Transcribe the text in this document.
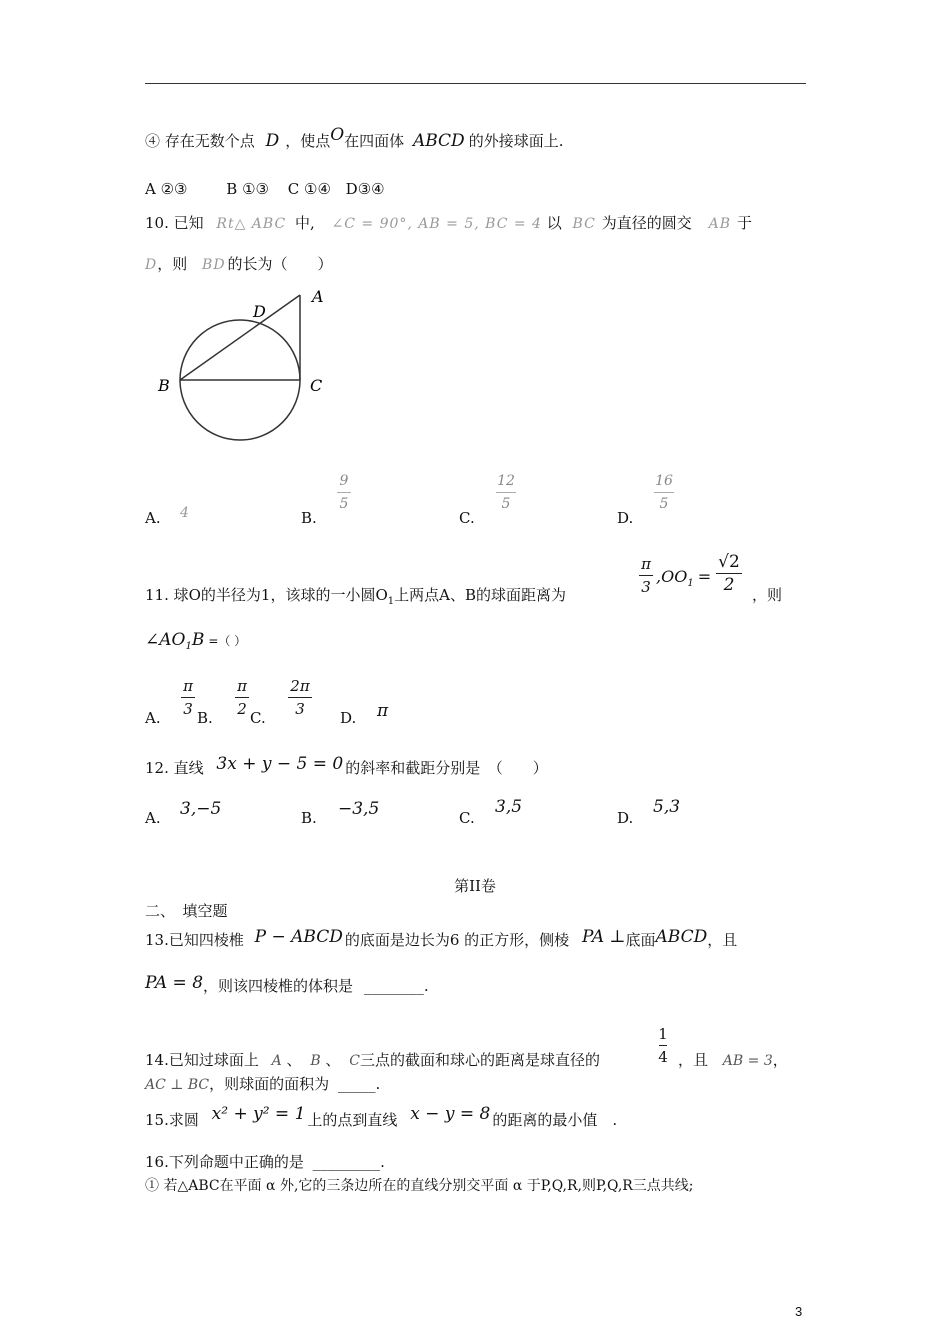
④ 存在无数个点 D ，使点O在四面体 ABCD 的外接球面上.
A ②③	B ①③ C ①④ D③④
10. 已知 Rt△ ABC 中, ∠C = 90°, AB = 5, BC = 4 以 BC 为直径的圆交 AB 于
D，则 BD 的长为（　　）
A
B	C
D
A. 4	B.
9
5
C.
12
5
D.
16
5
11. 球O的半径为1，该球的一小圆$O_1$上两点A、B的球面距离为
π
3
$,OO_1$ =
√2
2	，则
$\angle AO_1B$ =（ ）
A.
π
3 B.
π
2 C.
2π
3	D. π
12. 直线 3x + y − 5 = 0 的斜率和截距分别是　（　　）
A. 3,−5	B. −3,5	C.
3,5
D.
5,3
第II卷
二、　填空题
13.已知四棱椎 P − ABCD 的底面是边长为6 的正方形，侧棱 PA ⊥底面ABCD，且
PA = 8，则该四棱椎的体积是 ________.
14.已知过球面上 A 、 B 、 C三点的截面和球心的距离是球直径的
1
4 ，且 AB = 3，
AC ⊥ BC，则球面的面积为 _____.
15.求圆 x² + y² = 1 上的点到直线 x − y = 8 的距离的最小值　.
16.下列命题中正确的是 _________.
① 若△ABC在平面 α 外,它的三条边所在的直线分别交平面 α 于P,Q,R,则P,Q,R三点共线;
3
